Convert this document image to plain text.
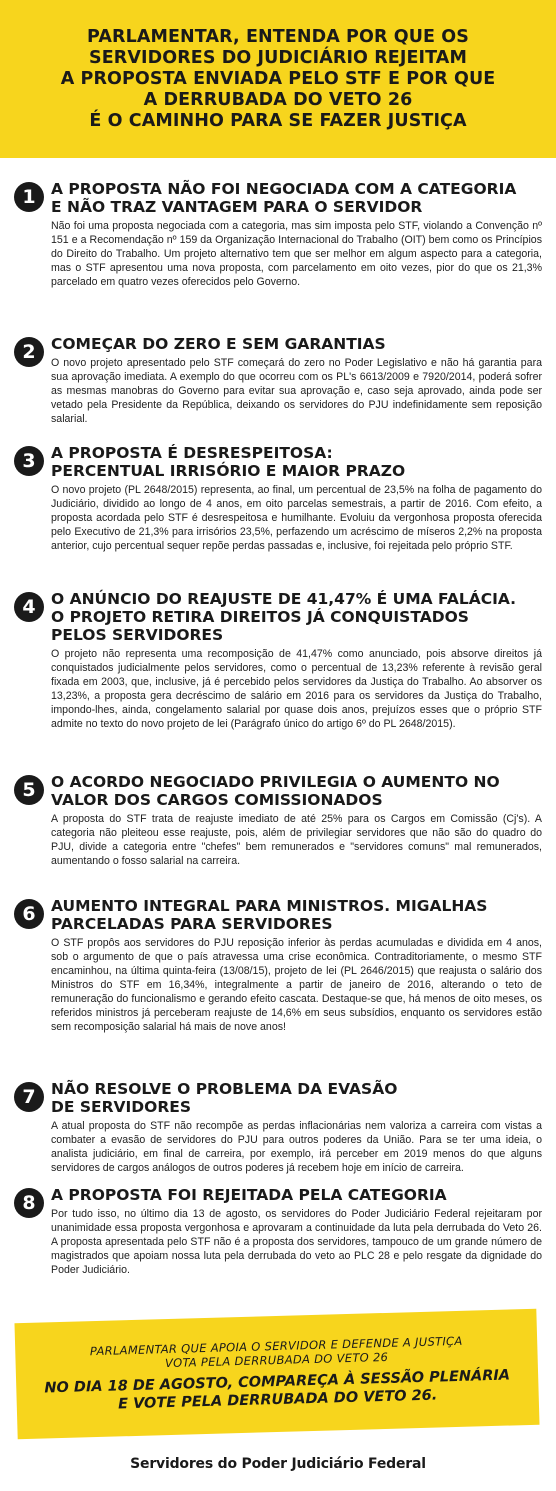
PARLAMENTAR, ENTENDA POR QUE OS
SERVIDORES DO JUDICIÁRIO REJEITAM
A PROPOSTA ENVIADA PELO STF E POR QUE
A DERRUBADA DO VETO 26
É O CAMINHO PARA SE FAZER JUSTIÇA
1 A PROPOSTA NÃO FOI NEGOCIADA COM A CATEGORIA
E NÃO TRAZ VANTAGEM PARA O SERVIDOR
Não foi uma proposta negociada com a categoria, mas sim imposta pelo STF, violando a Convenção nº 151 e a Recomendação nº 159 da Organização Internacional do Trabalho (OIT) bem como os Princípios do Direito do Trabalho. Um projeto alternativo tem que ser melhor em algum aspecto para a categoria, mas o STF apresentou uma nova proposta, com parcelamento em oito vezes, pior do que os 21,3% parcelado em quatro vezes oferecidos pelo Governo.
2 COMEÇAR DO ZERO E SEM GARANTIAS
O novo projeto apresentado pelo STF começará do zero no Poder Legislativo e não há garantia para sua aprovação imediata. A exemplo do que ocorreu com os PL's 6613/2009 e 7920/2014, poderá sofrer as mesmas manobras do Governo para evitar sua aprovação e, caso seja aprovado, ainda pode ser vetado pela Presidente da República, deixando os servidores do PJU indefinidamente sem reposição salarial.
3 A PROPOSTA É DESRESPEITOSA:
PERCENTUAL IRRISÓRIO E MAIOR PRAZO
O novo projeto (PL 2648/2015) representa, ao final, um percentual de 23,5% na folha de pagamento do Judiciário, dividido ao longo de 4 anos, em oito parcelas semestrais, a partir de 2016. Com efeito, a proposta acordada pelo STF é desrespeitosa e humilhante. Evoluiu da vergonhosa proposta oferecida pelo Executivo de 21,3% para irrisórios 23,5%, perfazendo um acréscimo de míseros 2,2% na proposta anterior, cujo percentual sequer repõe perdas passadas e, inclusive, foi rejeitada pelo próprio STF.
4 O ANÚNCIO DO REAJUSTE DE 41,47% É UMA FALÁCIA.
O PROJETO RETIRA DIREITOS JÁ CONQUISTADOS
PELOS SERVIDORES
O projeto não representa uma recomposição de 41,47% como anunciado, pois absorve direitos já conquistados judicialmente pelos servidores, como o percentual de 13,23% referente à revisão geral fixada em 2003, que, inclusive, já é percebido pelos servidores da Justiça do Trabalho. Ao absorver os 13,23%, a proposta gera decréscimo de salário em 2016 para os servidores da Justiça do Trabalho, impondo-lhes, ainda, congelamento salarial por quase dois anos, prejuízos esses que o próprio STF admite no texto do novo projeto de lei (Parágrafo único do artigo 6º do PL 2648/2015).
5 O ACORDO NEGOCIADO PRIVILEGIA O AUMENTO NO
VALOR DOS CARGOS COMISSIONADOS
A proposta do STF trata de reajuste imediato de até 25% para os Cargos em Comissão (Cj's). A categoria não pleiteou esse reajuste, pois, além de privilegiar servidores que não são do quadro do PJU, divide a categoria entre "chefes" bem remunerados e "servidores comuns" mal remunerados, aumentando o fosso salarial na carreira.
6 AUMENTO INTEGRAL PARA MINISTROS. MIGALHAS
PARCELADAS PARA SERVIDORES
O STF propôs aos servidores do PJU reposição inferior às perdas acumuladas e dividida em 4 anos, sob o argumento de que o país atravessa uma crise econômica. Contraditoriamente, o mesmo STF encaminhou, na última quinta-feira (13/08/15), projeto de lei (PL 2646/2015) que reajusta o salário dos Ministros do STF em 16,34%, integralmente a partir de janeiro de 2016, alterando o teto de remuneração do funcionalismo e gerando efeito cascata. Destaque-se que, há menos de oito meses, os referidos ministros já perceberam reajuste de 14,6% em seus subsídios, enquanto os servidores estão sem recomposição salarial há mais de nove anos!
7 NÃO RESOLVE O PROBLEMA DA EVASÃO
DE SERVIDORES
A atual proposta do STF não recompõe as perdas inflacionárias nem valoriza a carreira com vistas a combater a evasão de servidores do PJU para outros poderes da União. Para se ter uma ideia, o analista judiciário, em final de carreira, por exemplo, irá perceber em 2019 menos do que alguns servidores de cargos análogos de outros poderes já recebem hoje em início de carreira.
8 A PROPOSTA FOI REJEITADA PELA CATEGORIA
Por tudo isso, no último dia 13 de agosto, os servidores do Poder Judiciário Federal rejeitaram por unanimidade essa proposta vergonhosa e aprovaram a continuidade da luta pela derrubada do Veto 26. A proposta apresentada pelo STF não é a proposta dos servidores, tampouco de um grande número de magistrados que apoiam nossa luta pela derrubada do veto ao PLC 28 e pelo resgate da dignidade do Poder Judiciário.
PARLAMENTAR QUE APOIA O SERVIDOR E DEFENDE A JUSTIÇA
VOTA PELA DERRUBADA DO VETO 26
NO DIA 18 DE AGOSTO, COMPAREÇA À SESSÃO PLENÁRIA
E VOTE PELA DERRUBADA DO VETO 26.
Servidores do Poder Judiciário Federal
